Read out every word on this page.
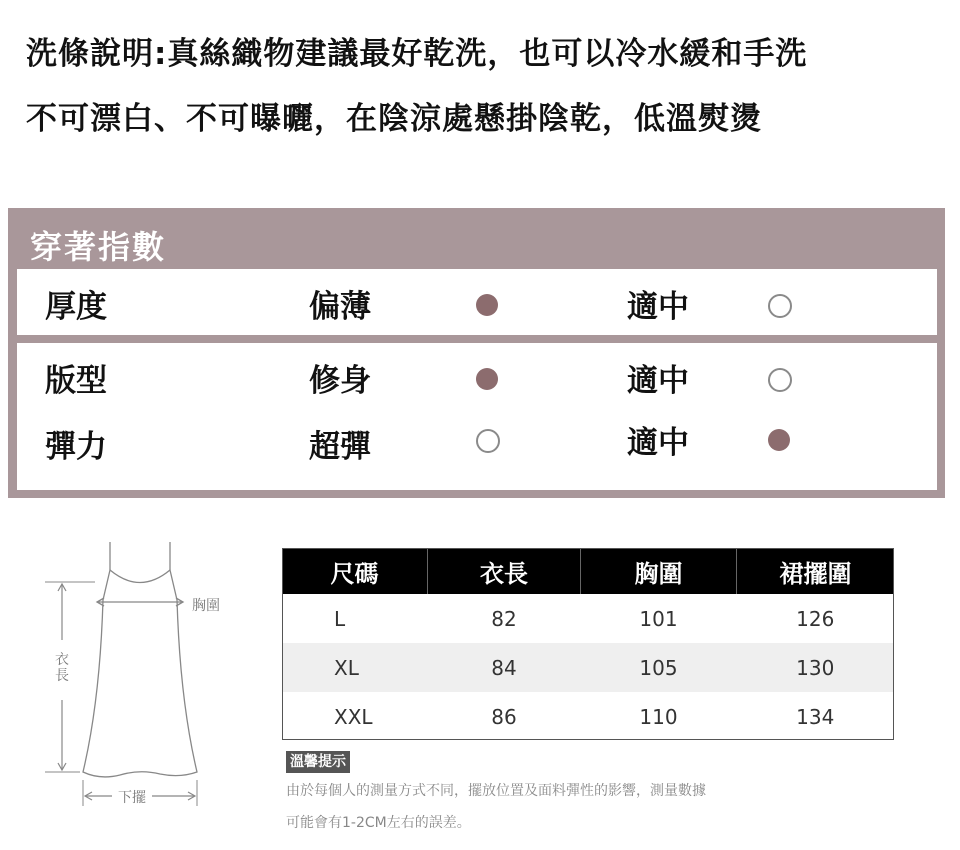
洗條說明:真絲織物建議最好乾洗，也可以冷水緩和手洗
不可漂白、不可曝曬，在陰涼處懸掛陰乾，低溫熨燙
穿著指數
厚度	偏薄	適中
版型	修身	適中
彈力	超彈	適中
胸圍
衣長
下擺
尺碼	衣長	胸圍	裙擺圍
L	82	101	126
XL	84	105	130
XXL	86	110	134
溫馨提示
由於每個人的測量方式不同，擺放位置及面料彈性的影響，測量數據
可能會有1-2CM左右的誤差。
